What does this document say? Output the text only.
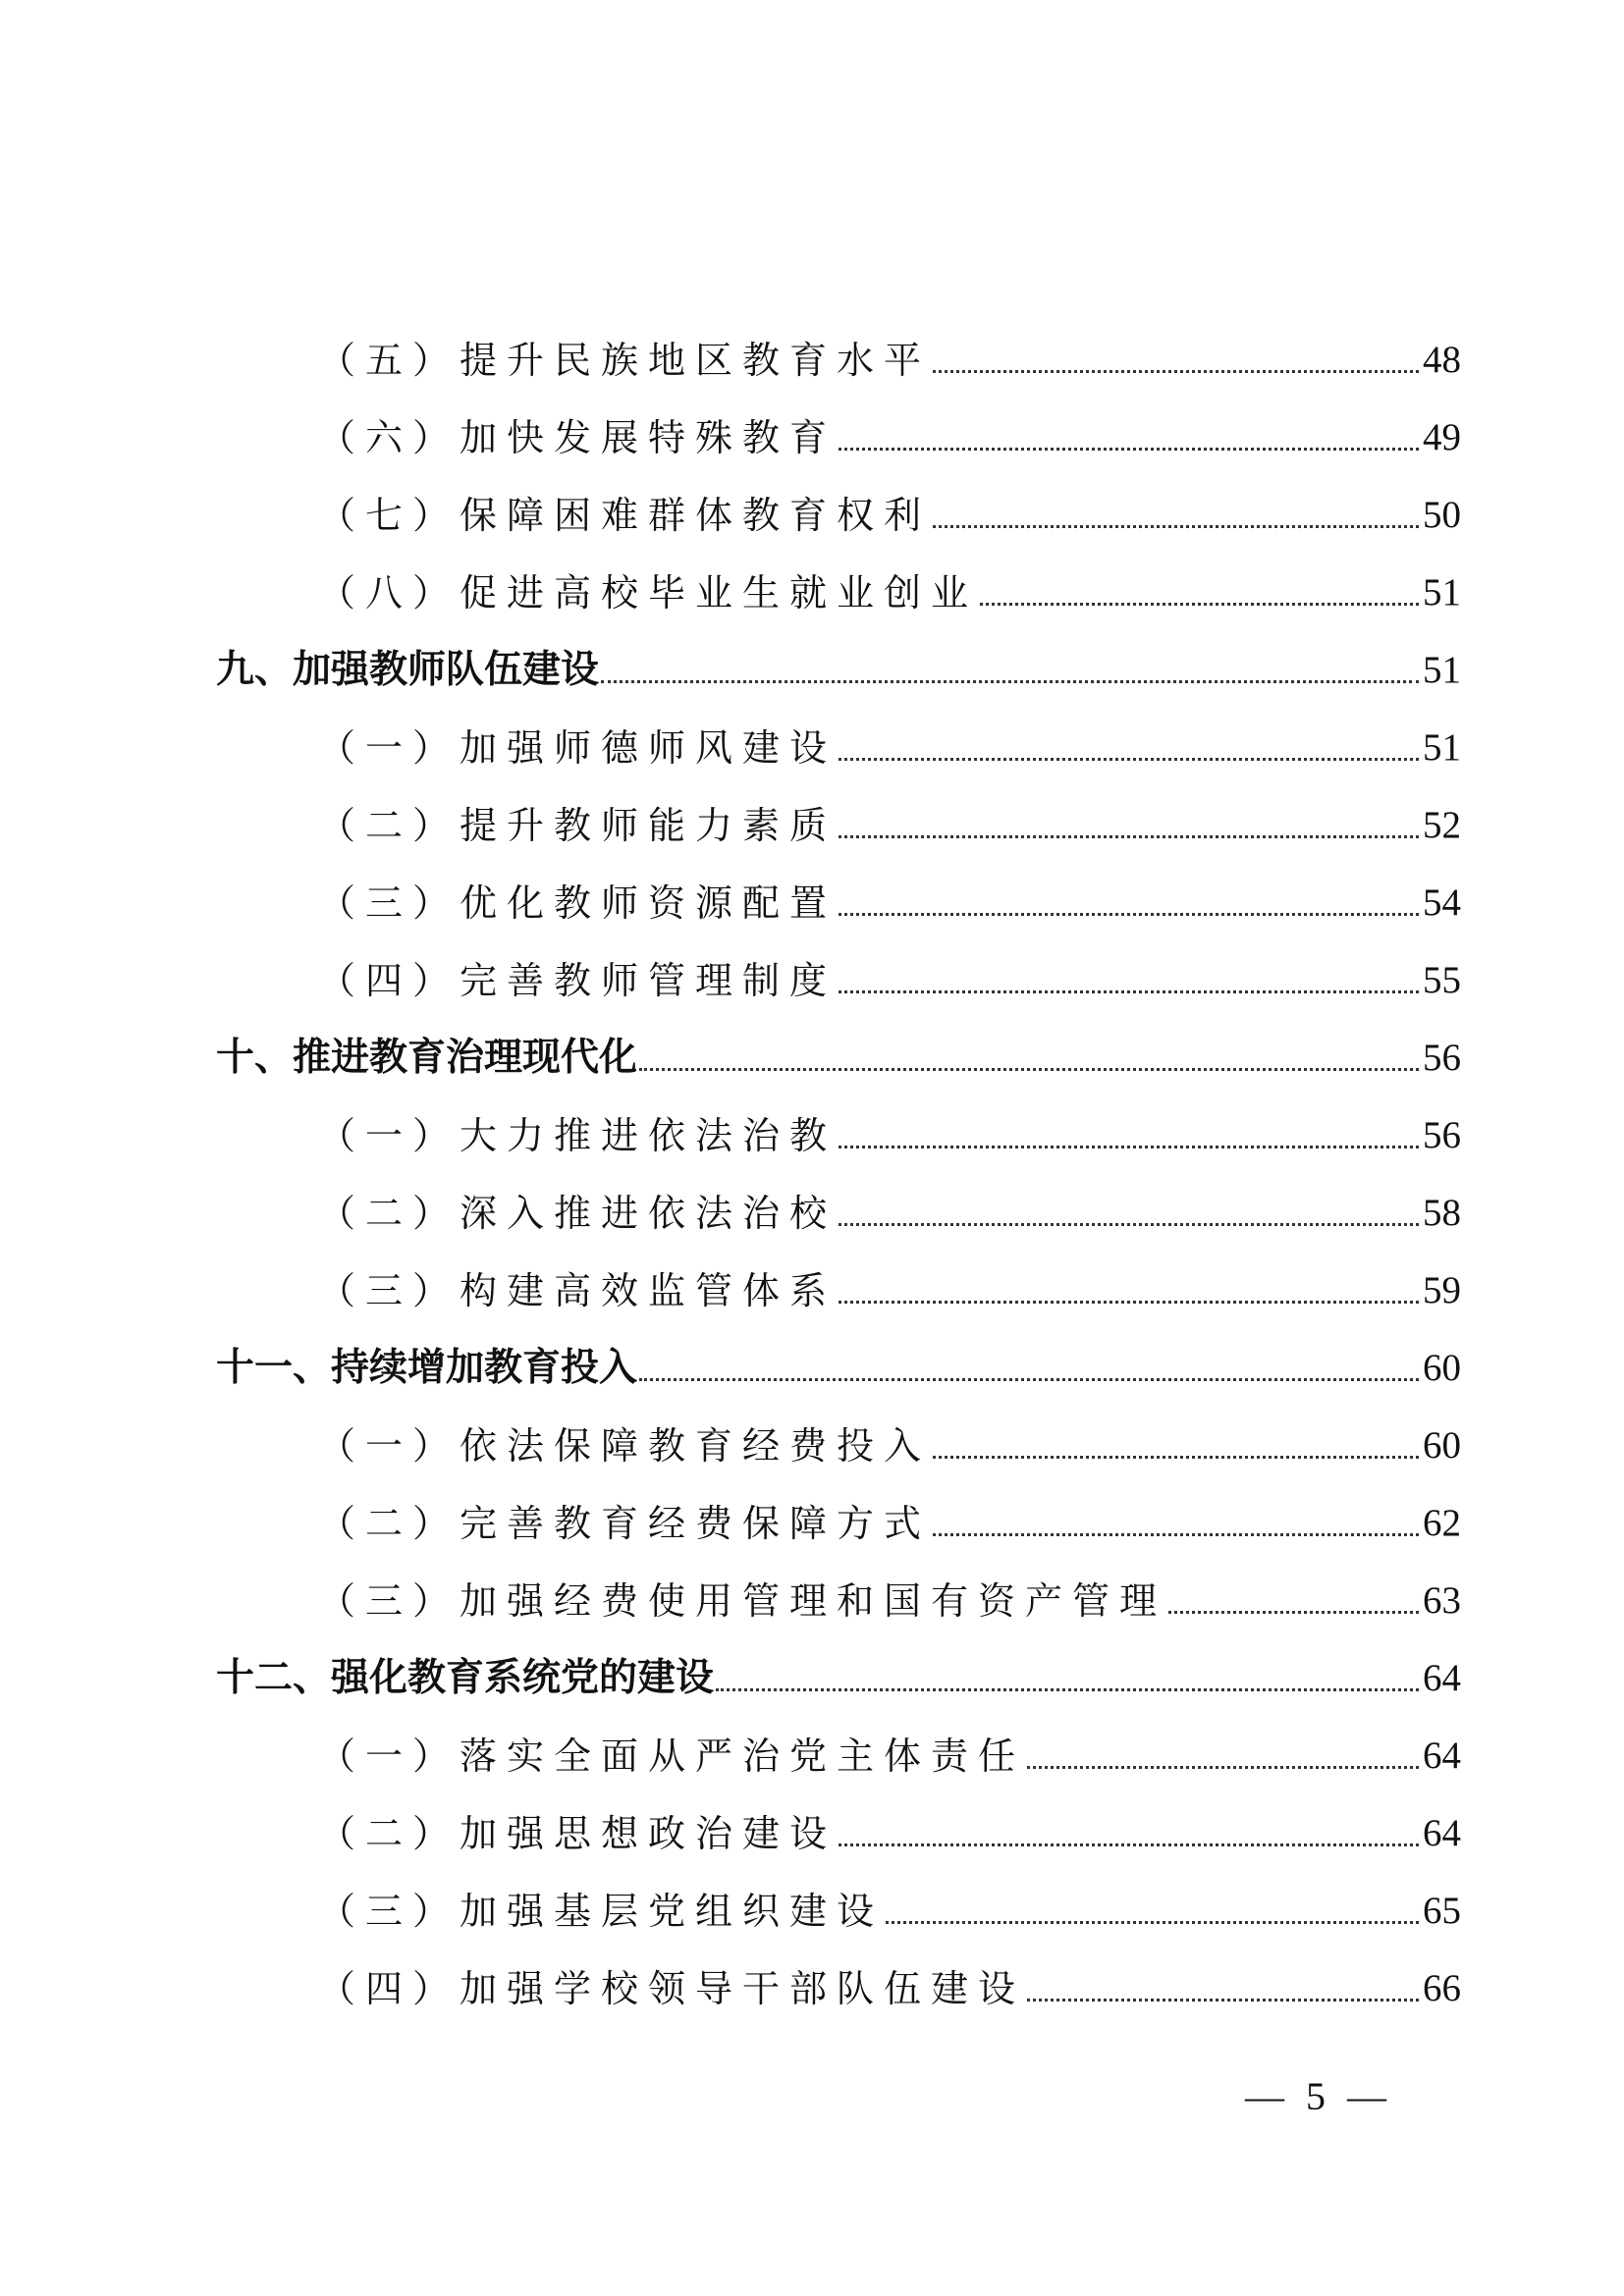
（五）提升民族地区教育水平	48
（六）加快发展特殊教育	49
（七）保障困难群体教育权利	50
（八）促进高校毕业生就业创业	51
九、加强教师队伍建设	51
（一）加强师德师风建设	51
（二）提升教师能力素质	52
（三）优化教师资源配置	54
（四）完善教师管理制度	55
十、推进教育治理现代化	56
（一）大力推进依法治教	56
（二）深入推进依法治校	58
（三）构建高效监管体系	59
十一、持续增加教育投入	60
（一）依法保障教育经费投入	60
（二）完善教育经费保障方式	62
（三）加强经费使用管理和国有资产管理	63
十二、强化教育系统党的建设	64
（一）落实全面从严治党主体责任	64
（二）加强思想政治建设	64
（三）加强基层党组织建设	65
（四）加强学校领导干部队伍建设	66
— 5 —
